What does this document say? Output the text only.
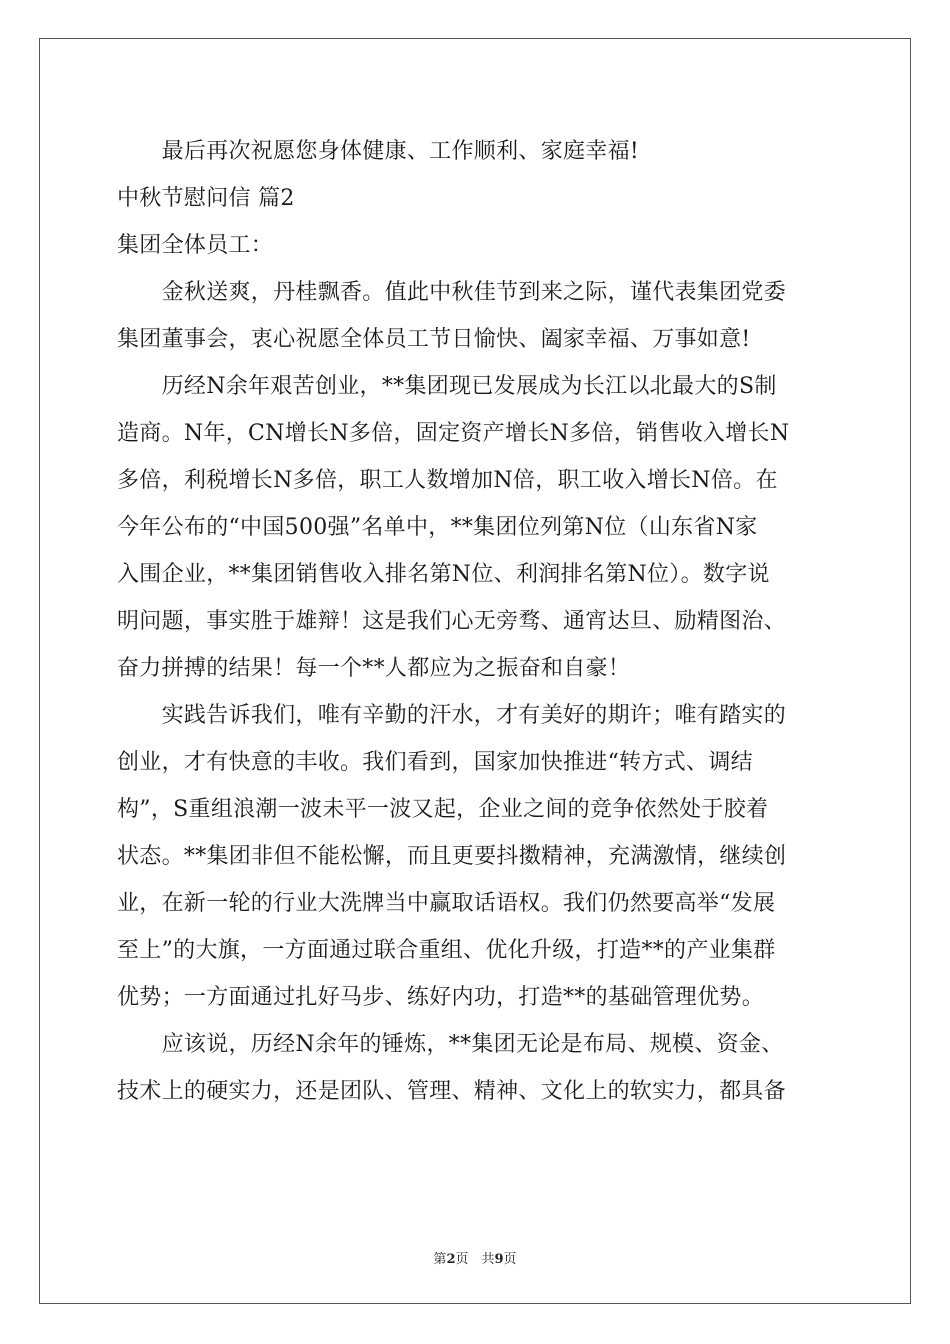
　　最后再次祝愿您身体健康、工作顺利、家庭幸福!
中秋节慰问信 篇2
集团全体员工：
　　金秋送爽，丹桂飘香。值此中秋佳节到来之际，谨代表集团党委
集团董事会，衷心祝愿全体员工节日愉快、阖家幸福、万事如意!
　　历经N余年艰苦创业，**集团现已发展成为长江以北最大的S制
造商。N年，CN增长N多倍，固定资产增长N多倍，销售收入增长N
多倍，利税增长N多倍，职工人数增加N倍，职工收入增长N倍。在
今年公布的“中国500强”名单中，**集团位列第N位（山东省N家
入围企业，**集团销售收入排名第N位、利润排名第N位）。数字说
明问题，事实胜于雄辩！这是我们心无旁骛、通宵达旦、励精图治、
奋力拼搏的结果！每一个**人都应为之振奋和自豪！
　　实践告诉我们，唯有辛勤的汗水，才有美好的期许；唯有踏实的
创业，才有快意的丰收。我们看到，国家加快推进“转方式、调结
构”，S重组浪潮一波未平一波又起，企业之间的竞争依然处于胶着
状态。**集团非但不能松懈，而且更要抖擞精神，充满激情，继续创
业，在新一轮的行业大洗牌当中赢取话语权。我们仍然要高举“发展
至上”的大旗，一方面通过联合重组、优化升级，打造**的产业集群
优势；一方面通过扎好马步、练好内功，打造**的基础管理优势。
　　应该说，历经N余年的锤炼，**集团无论是布局、规模、资金、
技术上的硬实力，还是团队、管理、精神、文化上的软实力，都具备
第2页　共9页
